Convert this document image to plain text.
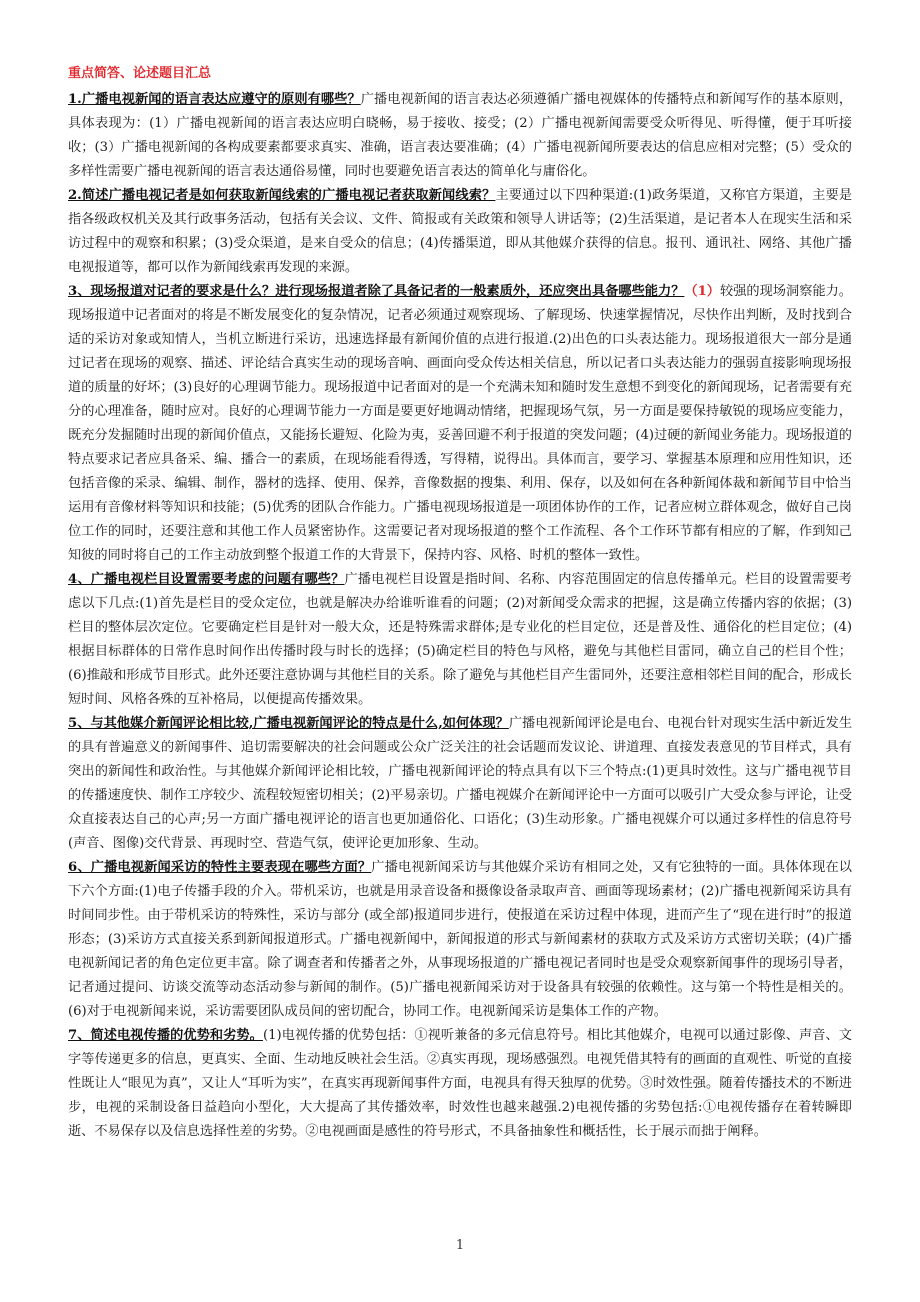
重点简答、论述题目汇总

1.广播电视新闻的语言表达应遵守的原则有哪些？广播电视新闻的语言表达必须遵循广播电视媒体的传播特点和新闻写作的基本原则，具体表现为：(1）广播电视新闻的语言表达应明白晓畅，易于接收、接受；(2）广播电视新闻需要受众听得见、听得懂，便于耳听接收；(3）广播电视新闻的各构成要素都要求真实、准确，语言表达要准确；(4）广播电视新闻所要表达的信息应相对完整；(5）受众的多样性需要广播电视新闻的语言表达通俗易懂，同时也要避免语言表达的简单化与庸俗化。

2.简述广播电视记者是如何获取新闻线索的广播电视记者获取新闻线索？主要通过以下四种渠道:(1)政务渠道，又称官方渠道，主要是指各级政权机关及其行政事务活动，包括有关会议、文件、简报或有关政策和领导人讲话等；(2)生活渠道，是记者本人在现实生活和采访过程中的观察和积累；(3)受众渠道，是来自受众的信息；(4)传播渠道，即从其他媒介获得的信息。报刊、通讯社、网络、其他广播电视报道等，都可以作为新闻线索再发现的来源。

3、现场报道对记者的要求是什么？进行现场报道者除了具备记者的一般素质外，还应突出具备哪些能力？（1）较强的现场洞察能力。现场报道中记者面对的将是不断发展变化的复杂情况，记者必须通过观察现场、了解现场、快速掌握情况，尽快作出判断，及时找到合适的采访对象或知情人，当机立断进行采访，迅速选择最有新闻价值的点进行报道.(2)出色的口头表达能力。现场报道很大一部分是通过记者在现场的观察、描述、评论结合真实生动的现场音响、画面向受众传达相关信息，所以记者口头表达能力的强弱直接影响现场报道的质量的好坏；(3)良好的心理调节能力。现场报道中记者面对的是一个充满未知和随时发生意想不到变化的新闻现场，记者需要有充分的心理准备，随时应对。良好的心理调节能力一方面是要更好地调动情绪，把握现场气氛，另一方面是要保持敏锐的现场应变能力，既充分发掘随时出现的新闻价值点，又能扬长避短、化险为夷，妥善回避不利于报道的突发问题；(4)过硬的新闻业务能力。现场报道的特点要求记者应具备采、编、播合一的素质，在现场能看得透，写得精，说得出。具体而言，要学习、掌握基本原理和应用性知识，还包括音像的采录、编辑、制作，器材的选择、使用、保养，音像数据的搜集、利用、保存，以及如何在各种新闻体裁和新闻节目中恰当运用有音像材料等知识和技能；(5)优秀的团队合作能力。广播电视现场报道是一项团体协作的工作，记者应树立群体观念，做好自己岗位工作的同时，还要注意和其他工作人员紧密协作。这需要记者对现场报道的整个工作流程、各个工作环节都有相应的了解，作到知己知彼的同时将自己的工作主动放到整个报道工作的大背景下，保持内容、风格、时机的整体一致性。

4、广播电视栏目设置需要考虑的问题有哪些？广播电视栏目设置是指时间、名称、内容范围固定的信息传播单元。栏目的设置需要考虑以下几点:(1)首先是栏目的受众定位，也就是解决办给谁听谁看的问题；(2)对新闻受众需求的把握，这是确立传播内容的依据；(3)栏目的整体层次定位。它要确定栏目是针对一般大众，还是特殊需求群体;是专业化的栏目定位，还是普及性、通俗化的栏目定位；(4)根据目标群体的日常作息时间作出传播时段与时长的选择；(5)确定栏目的特色与风格，避免与其他栏目雷同，确立自己的栏目个性；(6)推敲和形成节目形式。此外还要注意协调与其他栏目的关系。除了避免与其他栏目产生雷同外，还要注意相邻栏目间的配合，形成长短时间、风格各殊的互补格局，以便提高传播效果。

5、与其他媒介新闻评论相比较,广播电视新闻评论的特点是什么,如何体现？广播电视新闻评论是电台、电视台针对现实生活中新近发生的具有普遍意义的新闻事件、追切需要解决的社会问题或公众广泛关注的社会话题而发议论、讲道理、直接发表意见的节目样式，具有突出的新闻性和政治性。与其他媒介新闻评论相比较，广播电视新闻评论的特点具有以下三个特点:(1)更具时效性。这与广播电视节目的传播速度快、制作工序较少、流程较短密切相关；(2)平易亲切。广播电视媒介在新闻评论中一方面可以吸引广大受众参与评论，让受众直接表达自己的心声;另一方面广播电视评论的语言也更加通俗化、口语化；(3)生动形象。广播电视媒介可以通过多样性的信息符号 (声音、图像)交代背景、再现时空、营造气氛，使评论更加形象、生动。

6、广播电视新闻采访的特性主要表现在哪些方面？广播电视新闻采访与其他媒介采访有相同之处，又有它独特的一面。具体体现在以下六个方面:(1)电子传播手段的介入。带机采访，也就是用录音设备和摄像设备录取声音、画面等现场素材；(2)广播电视新闻采访具有时间同步性。由于带机采访的特殊性，采访与部分 (或全部)报道同步进行，使报道在采访过程中体现，进而产生了“现在进行时”的报道形态；(3)采访方式直接关系到新闻报道形式。广播电视新闻中，新闻报道的形式与新闻素材的获取方式及采访方式密切关联；(4)广播电视新闻记者的角色定位更丰富。除了调查者和传播者之外，从事现场报道的广播电视记者同时也是受众观察新闻事件的现场引导者，记者通过提问、访谈交流等动态活动参与新闻的制作。(5)广播电视新闻采访对于设备具有较强的依赖性。这与第一个特性是相关的。(6)对于电视新闻来说，采访需要团队成员间的密切配合，协同工作。电视新闻采访是集体工作的产物。

7、简述电视传播的优势和劣势。(1)电视传播的优势包括：①视听兼备的多元信息符号。相比其他媒介，电视可以通过影像、声音、文字等传递更多的信息，更真实、全面、生动地反映社会生活。②真实再现，现场感强烈。电视凭借其特有的画面的直观性、听觉的直接性既让人“眼见为真”，又让人“耳听为实”，在真实再现新闻事件方面，电视具有得天独厚的优势。③时效性强。随着传播技术的不断进步，电视的采制设备日益趋向小型化，大大提高了其传播效率，时效性也越来越强.2)电视传播的劣势包括:①电视传播存在着转瞬即逝、不易保存以及信息选择性差的劣势。②电视画面是感性的符号形式，不具备抽象性和概括性，长于展示而拙于阐释。

1
